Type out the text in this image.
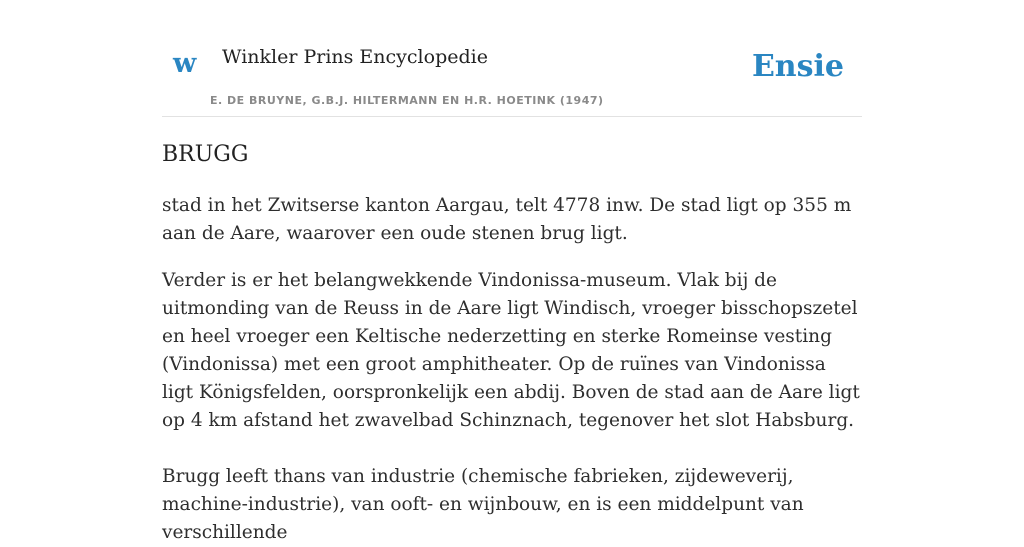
w Winkler Prins Encyclopedie
E. DE BRUYNE, G.B.J. HILTERMANN EN H.R. HOETINK (1947)
Ensie
BRUGG

stad in het Zwitserse kanton Aargau, telt 4778 inw. De stad ligt op 355 m aan de Aare, waarover een oude stenen brug ligt.

Verder is er het belangwekkende Vindonissa-museum. Vlak bij de uitmonding van de Reuss in de Aare ligt Windisch, vroeger bisschopszetel en heel vroeger een Keltische nederzetting en sterke Romeinse vesting (Vindonissa) met een groot amphitheater. Op de ruïnes van Vindonissa ligt Königsfelden, oorspronkelijk een abdij. Boven de stad aan de Aare ligt op 4 km afstand het zwavelbad Schinznach, tegenover het slot Habsburg.

Brugg leeft thans van industrie (chemische fabrieken, zijdeweverij, machine-industrie), van ooft- en wijnbouw, en is een middelpunt van verschillende
